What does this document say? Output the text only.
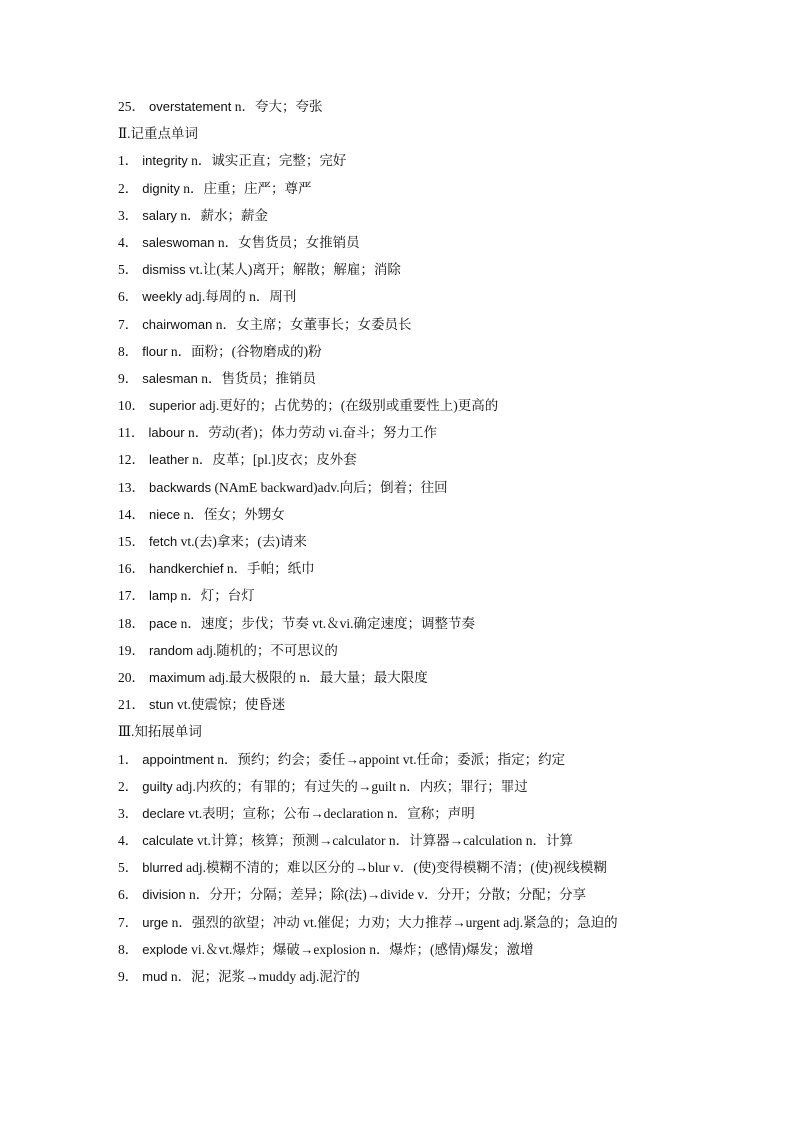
25． overstatement n．夸大；夸张
Ⅱ.记重点单词
1． integrity n．诚实正直；完整；完好
2． dignity n．庄重；庄严；尊严
3． salary n．薪水；薪金
4． saleswoman n．女售货员；女推销员
5． dismiss vt.让(某人)离开；解散；解雇；消除
6． weekly adj.每周的 n．周刊
7． chairwoman n．女主席；女董事长；女委员长
8． flour n．面粉；(谷物磨成的)粉
9． salesman n．售货员；推销员
10． superior adj.更好的；占优势的；(在级别或重要性上)更高的
11． labour n．劳动(者)；体力劳动 vi.奋斗；努力工作
12． leather n．皮革；[pl.]皮衣；皮外套
13． backwards (NAmE backward)adv.向后；倒着；往回
14． niece n．侄女；外甥女
15． fetch vt.(去)拿来；(去)请来
16． handkerchief n．手帕；纸巾
17． lamp n．灯；台灯
18． pace n．速度；步伐；节奏 vt.＆vi.确定速度；调整节奏
19． random adj.随机的；不可思议的
20． maximum adj.最大极限的 n．最大量；最大限度
21． stun vt.使震惊；使昏迷
Ⅲ.知拓展单词
1． appointment n．预约；约会；委任→appoint vt.任命；委派；指定；约定
2． guilty adj.内疚的；有罪的；有过失的→guilt n．内疚；罪行；罪过
3． declare vt.表明；宣称；公布→declaration n．宣称；声明
4． calculate vt.计算；核算；预测→calculator n．计算器→calculation n．计算
5． blurred adj.模糊不清的；难以区分的→blur v．(使)变得模糊不清；(使)视线模糊
6． division n．分开；分隔；差异；除(法)→divide v．分开；分散；分配；分享
7． urge n．强烈的欲望；冲动 vt.催促；力劝；大力推荐→urgent adj.紧急的；急迫的
8． explode vi.＆vt.爆炸；爆破→explosion n．爆炸；(感情)爆发；激增
9． mud n．泥；泥浆→muddy adj.泥泞的
